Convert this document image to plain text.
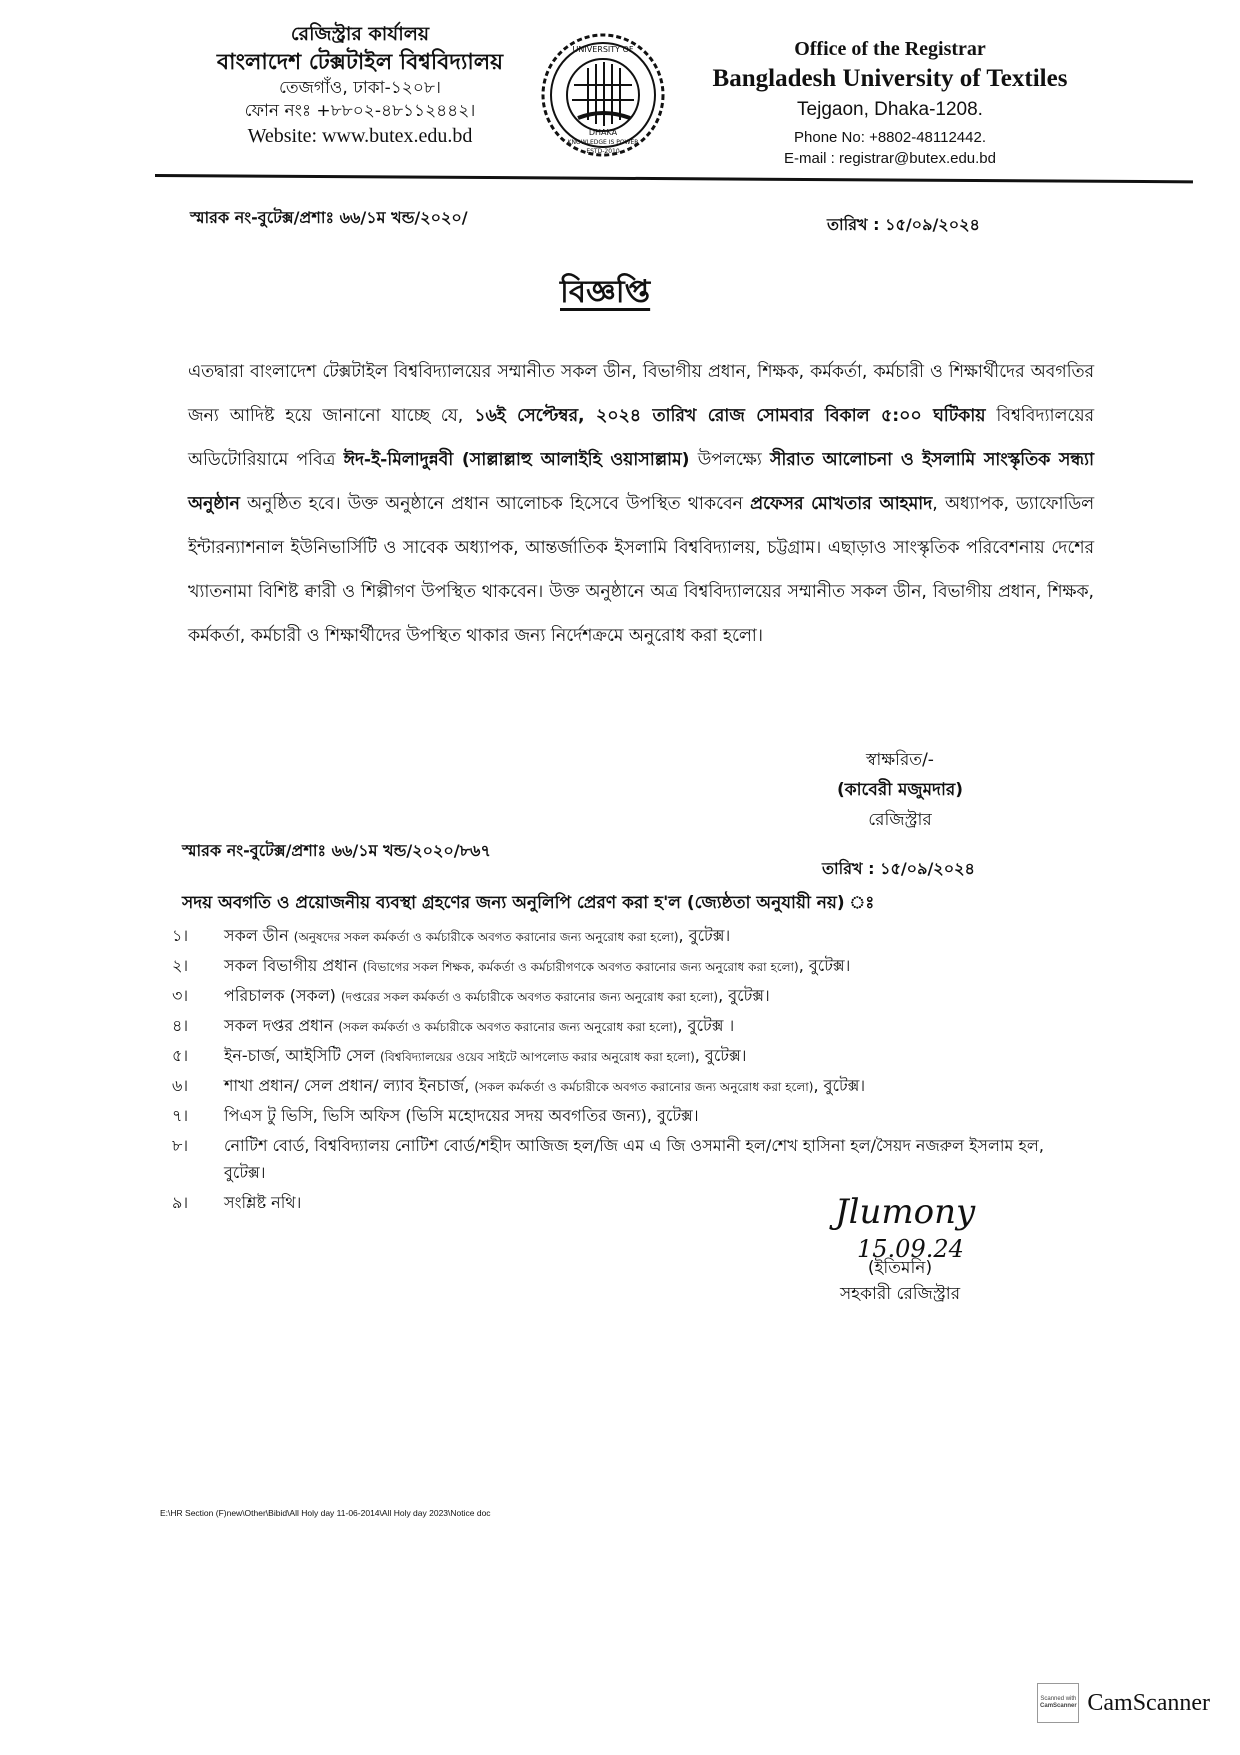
রেজিস্ট্রার কার্যালয়
বাংলাদেশ টেক্সটাইল বিশ্ববিদ্যালয়
তেজগাঁও, ঢাকা-১২০৮।
ফোন নংঃ +৮৮০২-৪৮১১২৪৪২।
Website: www.butex.edu.bd
UNIVERSITY OF
DHAKA
KNOWLEDGE IS POWER
ESTD-2010
Office of the Registrar
Bangladesh University of Textiles
Tejgaon, Dhaka-1208.
Phone No: +8802-48112442.
E-mail : registrar@butex.edu.bd
স্মারক নং-বুটেক্স/প্রশাঃ ৬৬/১ম খন্ড/২০২০/	তারিখ : ১৫/০৯/২০২৪
বিজ্ঞপ্তি
এতদ্বারা বাংলাদেশ টেক্সটাইল বিশ্ববিদ্যালয়ের সম্মানীত সকল ডীন, বিভাগীয় প্রধান, শিক্ষক, কর্মকর্তা, কর্মচারী ও শিক্ষার্থীদের অবগতির জন্য আদিষ্ট হয়ে জানানো যাচ্ছে যে, ১৬ই সেপ্টেম্বর, ২০২৪ তারিখ রোজ সোমবার বিকাল ৫:০০ ঘটিকায় বিশ্ববিদ্যালয়ের অডিটোরিয়ামে পবিত্র ঈদ-ই-মিলাদুন্নবী (সাল্লাল্লাহু আলাইহি ওয়াসাল্লাম) উপলক্ষ্যে সীরাত আলোচনা ও ইসলামি সাংস্কৃতিক সন্ধ্যা অনুষ্ঠান অনুষ্ঠিত হবে। উক্ত অনুষ্ঠানে প্রধান আলোচক হিসেবে উপস্থিত থাকবেন প্রফেসর মোখতার আহমাদ, অধ্যাপক, ড্যাফোডিল ইন্টারন্যাশনাল ইউনিভার্সিটি ও সাবেক অধ্যাপক, আন্তর্জাতিক ইসলামি বিশ্ববিদ্যালয়, চট্টগ্রাম। এছাড়াও সাংস্কৃতিক পরিবেশনায় দেশের খ্যাতনামা বিশিষ্ট ক্বারী ও শিল্পীগণ উপস্থিত থাকবেন। উক্ত অনুষ্ঠানে অত্র বিশ্ববিদ্যালয়ের সম্মানীত সকল ডীন, বিভাগীয় প্রধান, শিক্ষক, কর্মকর্তা, কর্মচারী ও শিক্ষার্থীদের উপস্থিত থাকার জন্য নির্দেশক্রমে অনুরোধ করা হলো।
স্বাক্ষরিত/-
(কাবেরী মজুমদার)
রেজিস্ট্রার
স্মারক নং-বুটেক্স/প্রশাঃ ৬৬/১ম খন্ড/২০২০/৮৬৭
তারিখ : ১৫/০৯/২০২৪
সদয় অবগতি ও প্রয়োজনীয় ব্যবস্থা গ্রহণের জন্য অনুলিপি প্রেরণ করা হ'ল (জ্যেষ্ঠতা অনুযায়ী নয়) ঃ
১।	সকল ডীন (অনুষদের সকল কর্মকর্তা ও কর্মচারীকে অবগত করানোর জন্য অনুরোধ করা হলো), বুটেক্স।
২।	সকল বিভাগীয় প্রধান (বিভাগের সকল শিক্ষক, কর্মকর্তা ও কর্মচারীগণকে অবগত করানোর জন্য অনুরোধ করা হলো), বুটেক্স।
৩।	পরিচালক (সকল) (দপ্তরের সকল কর্মকর্তা ও কর্মচারীকে অবগত করানোর জন্য অনুরোধ করা হলো), বুটেক্স।
৪।	সকল দপ্তর প্রধান (সকল কর্মকর্তা ও কর্মচারীকে অবগত করানোর জন্য অনুরোধ করা হলো), বুটেক্স ।
৫।	ইন-চার্জ, আইসিটি সেল (বিশ্ববিদ্যালয়ের ওয়েব সাইটে আপলোড করার অনুরোধ করা হলো), বুটেক্স।
৬।	শাখা প্রধান/ সেল প্রধান/ ল্যাব ইনচার্জ, (সকল কর্মকর্তা ও কর্মচারীকে অবগত করানোর জন্য অনুরোধ করা হলো), বুটেক্স।
৭।	পিএস টু ভিসি, ভিসি অফিস (ভিসি মহোদয়ের সদয় অবগতির জন্য), বুটেক্স।
৮।	নোটিশ বোর্ড, বিশ্ববিদ্যালয় নোটিশ বোর্ড/শহীদ আজিজ হল/জি এম এ জি ওসমানী হল/শেখ হাসিনা হল/সৈয়দ নজরুল ইসলাম হল, বুটেক্স।
৯।	সংশ্লিষ্ট নথি।	Jlumony
15.09.24
(ইতিমনি)
সহকারী রেজিস্ট্রার
E:\HR Section (F)new\Other\Bibid\All Holy day 11-06-2014\All Holy day 2023\Notice doc
Scanned with
CamScanner CamScanner
